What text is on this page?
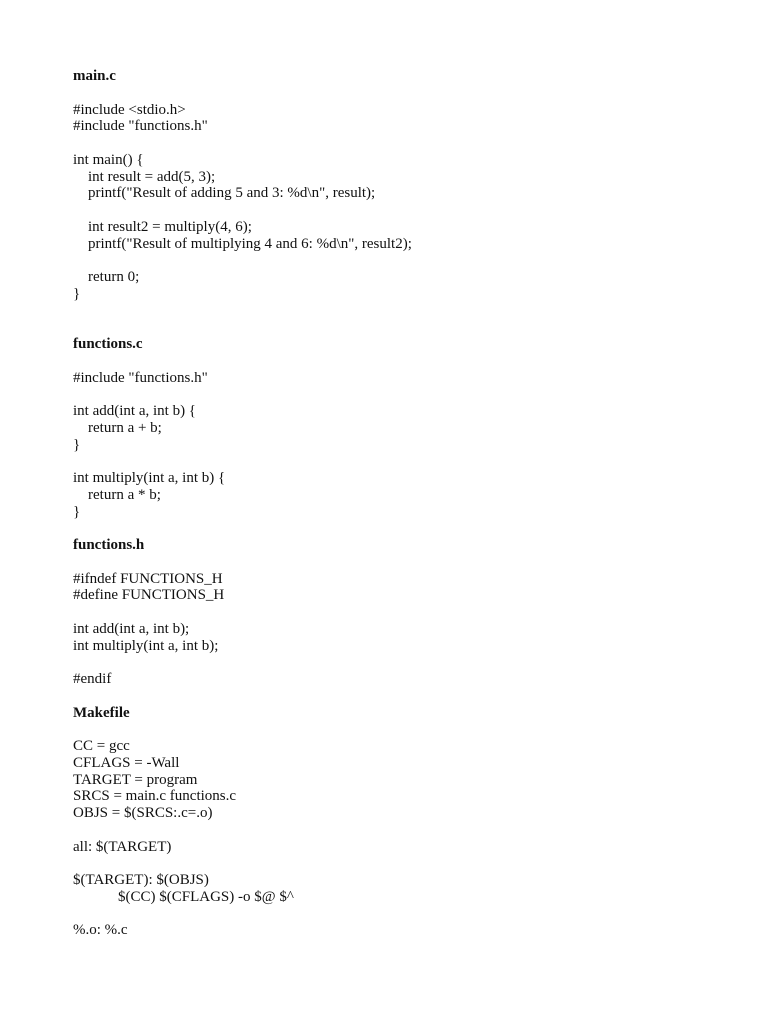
main.c
#include <stdio.h>
#include "functions.h"
int main() {
int result = add(5, 3);
printf("Result of adding 5 and 3: %d\n", result);
int result2 = multiply(4, 6);
printf("Result of multiplying 4 and 6: %d\n", result2);
return 0;
}
functions.c
#include "functions.h"
int add(int a, int b) {
return a + b;
}
int multiply(int a, int b) {
return a * b;
}
functions.h
#ifndef FUNCTIONS_H
#define FUNCTIONS_H
int add(int a, int b);
int multiply(int a, int b);
#endif
Makefile
CC = gcc
CFLAGS = -Wall
TARGET = program
SRCS = main.c functions.c
OBJS = $(SRCS:.c=.o)
all: $(TARGET)
$(TARGET): $(OBJS)
	$(CC) $(CFLAGS) -o $@ $^
%.o: %.c
